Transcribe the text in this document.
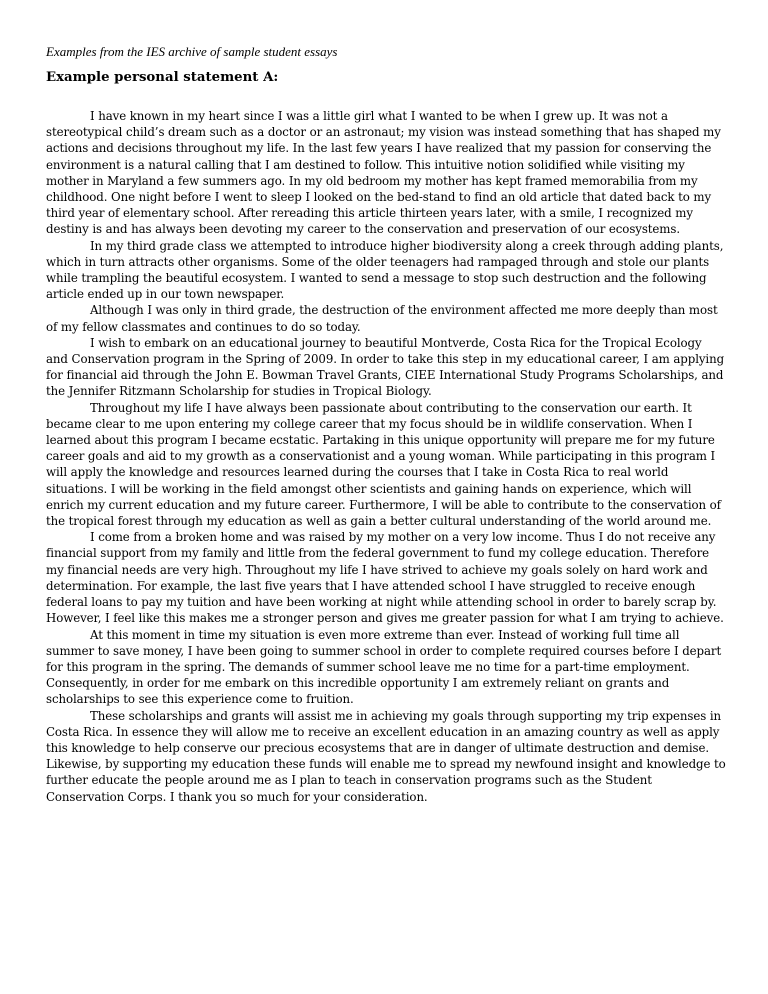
Examples from the IES archive of sample student essays
Example personal statement A:

I have known in my heart since I was a little girl what I wanted to be when I grew up. It was not a stereotypical child’s dream such as a doctor or an astronaut; my vision was instead something that has shaped my actions and decisions throughout my life. In the last few years I have realized that my passion for conserving the environment is a natural calling that I am destined to follow. This intuitive notion solidified while visiting my mother in Maryland a few summers ago. In my old bedroom my mother has kept framed memorabilia from my childhood. One night before I went to sleep I looked on the bed-stand to find an old article that dated back to my third year of elementary school. After rereading this article thirteen years later, with a smile, I recognized my destiny is and has always been devoting my career to the conservation and preservation of our ecosystems.

In my third grade class we attempted to introduce higher biodiversity along a creek through adding plants, which in turn attracts other organisms. Some of the older teenagers had rampaged through and stole our plants while trampling the beautiful ecosystem. I wanted to send a message to stop such destruction and the following article ended up in our town newspaper.

Although I was only in third grade, the destruction of the environment affected me more deeply than most of my fellow classmates and continues to do so today.

I wish to embark on an educational journey to beautiful Montverde, Costa Rica for the Tropical Ecology and Conservation program in the Spring of 2009. In order to take this step in my educational career, I am applying for financial aid through the John E. Bowman Travel Grants, CIEE International Study Programs Scholarships, and the Jennifer Ritzmann Scholarship for studies in Tropical Biology.

Throughout my life I have always been passionate about contributing to the conservation our earth. It became clear to me upon entering my college career that my focus should be in wildlife conservation. When I learned about this program I became ecstatic. Partaking in this unique opportunity will prepare me for my future career goals and aid to my growth as a conservationist and a young woman. While participating in this program I will apply the knowledge and resources learned during the courses that I take in Costa Rica to real world situations. I will be working in the field amongst other scientists and gaining hands on experience, which will enrich my current education and my future career. Furthermore, I will be able to contribute to the conservation of the tropical forest through my education as well as gain a better cultural understanding of the world around me.

I come from a broken home and was raised by my mother on a very low income. Thus I do not receive any financial support from my family and little from the federal government to fund my college education. Therefore my financial needs are very high. Throughout my life I have strived to achieve my goals solely on hard work and determination. For example, the last five years that I have attended school I have struggled to receive enough federal loans to pay my tuition and have been working at night while attending school in order to barely scrap by. However, I feel like this makes me a stronger person and gives me greater passion for what I am trying to achieve.

At this moment in time my situation is even more extreme than ever. Instead of working full time all summer to save money, I have been going to summer school in order to complete required courses before I depart for this program in the spring. The demands of summer school leave me no time for a part-time employment. Consequently, in order for me embark on this incredible opportunity I am extremely reliant on grants and scholarships to see this experience come to fruition.

These scholarships and grants will assist me in achieving my goals through supporting my trip expenses in Costa Rica. In essence they will allow me to receive an excellent education in an amazing country as well as apply this knowledge to help conserve our precious ecosystems that are in danger of ultimate destruction and demise. Likewise, by supporting my education these funds will enable me to spread my newfound insight and knowledge to further educate the people around me as I plan to teach in conservation programs such as the Student Conservation Corps. I thank you so much for your consideration.
